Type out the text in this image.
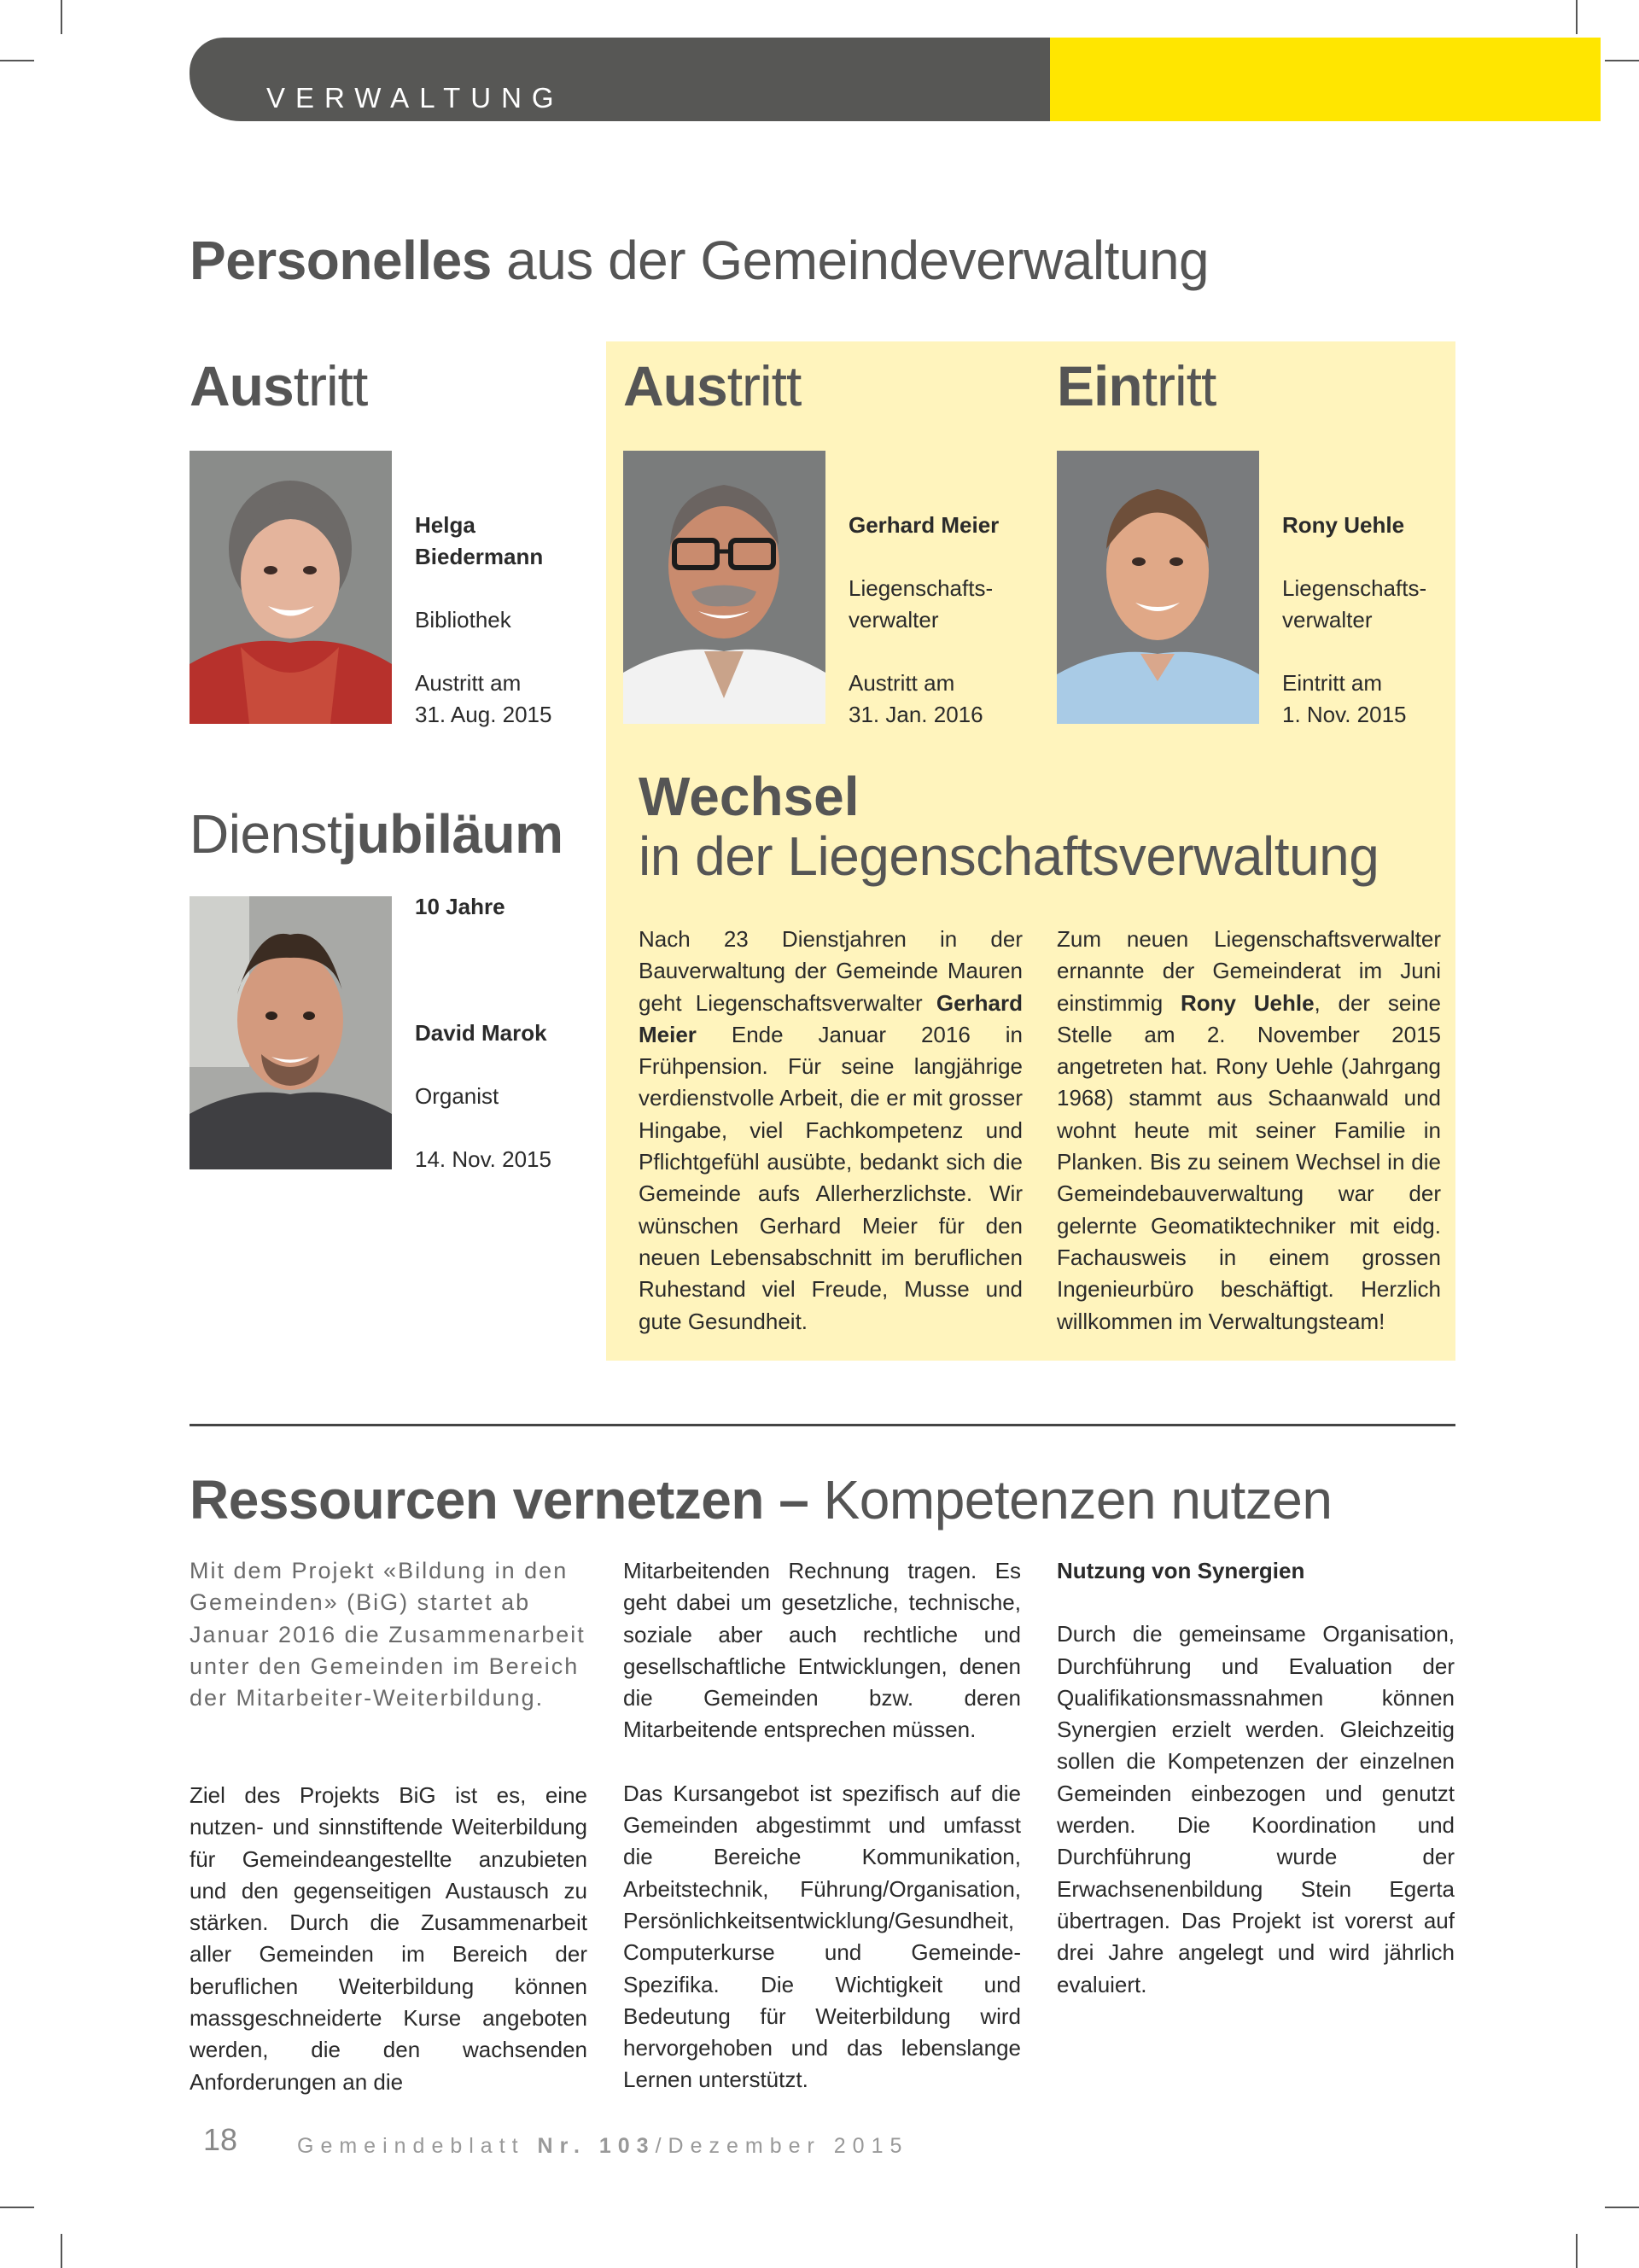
VERWALTUNG
Personelles aus der Gemeindeverwaltung
Austritt	Austritt	Eintritt

Helga Biedermann

Bibliothek

Austritt am

31. Aug. 2015

Gerhard Meier

Liegenschafts- verwalter

Austritt am

31. Jan. 2016

Rony Uehle

Liegenschafts- verwalter

Eintritt am

1. Nov. 2015

Dienstjubiläum

10 Jahre

David Marok

Organist

14. Nov. 2015

Wechsel
in der Liegenschaftsverwaltung
Nach 23 Dienstjahren in der Bauverwaltung der Gemeinde Mauren geht Liegenschaftsverwalter Gerhard Meier Ende Januar 2016 in Frühpension. Für seine langjährige verdienstvolle Arbeit, die er mit grosser Hingabe, viel Fachkompetenz und Pflichtgefühl ausübte, bedankt sich die Gemeinde aufs Allerherzlichste. Wir wünschen Gerhard Meier für den neuen Lebensabschnitt im beruflichen Ruhestand viel Freude, Musse und gute Gesundheit.
Zum neuen Liegenschaftsverwalter ernannte der Gemeinderat im Juni einstimmig Rony Uehle, der seine Stelle am 2. November 2015 angetreten hat. Rony Uehle (Jahrgang 1968) stammt aus Schaanwald und wohnt heute mit seiner Familie in Planken. Bis zu seinem Wechsel in die Gemeindebauverwaltung war der gelernte Geomatiktechniker mit eidg. Fachausweis in einem grossen Ingenieurbüro beschäftigt. Herzlich willkommen im Verwaltungsteam!
Ressourcen vernetzen – Kompetenzen nutzen
Mit dem Projekt «Bildung in den Gemeinden» (BiG) startet ab Januar 2016 die Zusammenarbeit unter den Gemeinden im Bereich der Mitarbeiter-Weiterbildung.
Ziel des Projekts BiG ist es, eine nutzen- und sinnstiftende Weiterbildung für Gemeindeangestellte anzubieten und den gegenseitigen Austausch zu stärken. Durch die Zusammenarbeit aller Gemeinden im Bereich der beruflichen Weiterbildung können massgeschneiderte Kurse angeboten werden, die den wachsenden Anforderungen an die
Mitarbeitenden Rechnung tragen. Es geht dabei um gesetzliche, technische, soziale aber auch rechtliche und gesellschaftliche Entwicklungen, denen die Gemeinden bzw. deren Mitarbeitende entsprechen müssen.
Das Kursangebot ist spezifisch auf die Gemeinden abgestimmt und umfasst die Bereiche Kommunikation, Arbeitstechnik, Führung/Organisation, Persönlichkeitsentwicklung/Gesundheit, Computerkurse und Gemeinde-Spezifika. Die Wichtigkeit und Bedeutung für Weiterbildung wird hervorgehoben und das lebenslange Lernen unterstützt.
Nutzung von Synergien
Durch die gemeinsame Organisation, Durchführung und Evaluation der Qualifikationsmassnahmen können Synergien erzielt werden. Gleichzeitig sollen die Kompetenzen der einzelnen Gemeinden einbezogen und genutzt werden. Die Koordination und Durchführung wurde der Erwachsenenbildung Stein Egerta übertragen. Das Projekt ist vorerst auf drei Jahre angelegt und wird jährlich evaluiert.
18	Gemeindeblatt Nr. 103/Dezember 2015
